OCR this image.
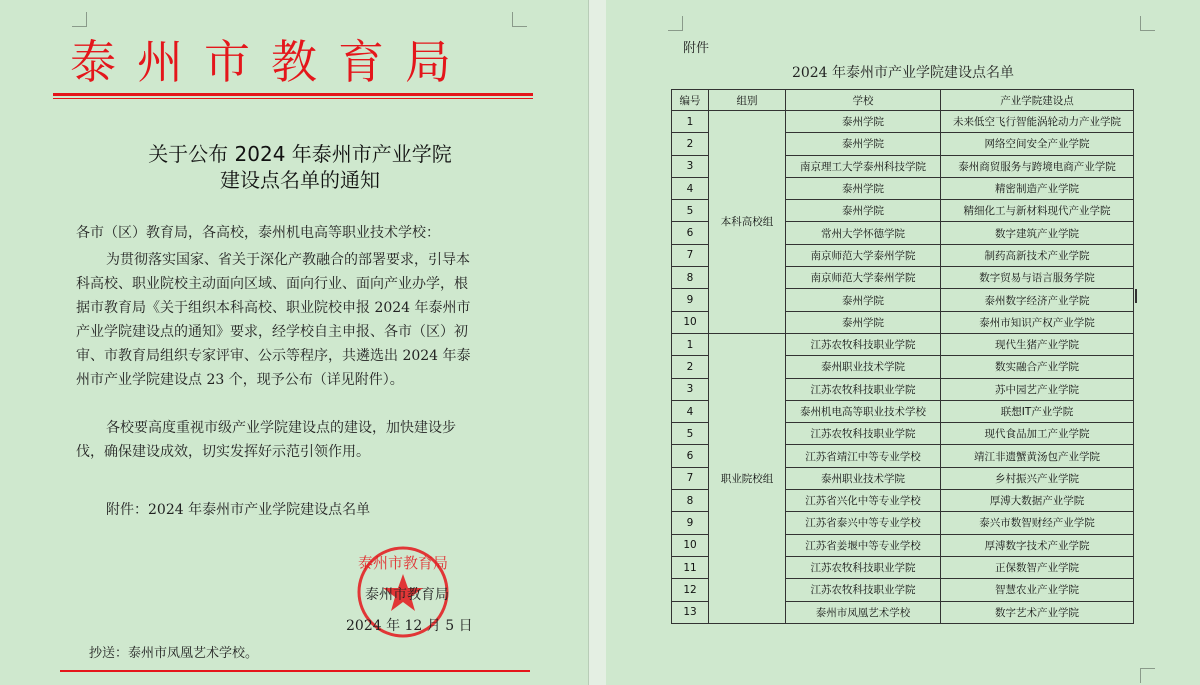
泰州市教育局
关于公布 2024 年泰州市产业学院
建设点名单的通知
各市（区）教育局，各高校，泰州机电高等职业技术学校：
为贯彻落实国家、省关于深化产教融合的部署要求，引导本
科高校、职业院校主动面向区域、面向行业、面向产业办学，根
据市教育局《关于组织本科高校、职业院校申报 2024 年泰州市
产业学院建设点的通知》要求，经学校自主申报、各市（区）初
审、市教育局组织专家评审、公示等程序，共遴选出 2024 年泰
州市产业学院建设点 23 个，现予公布（详见附件）。
各校要高度重视市级产业学院建设点的建设，加快建设步
伐，确保建设成效，切实发挥好示范引领作用。
附件：2024 年泰州市产业学院建设点名单
泰州市教育局
泰州市教育局
2024 年 12 月 5 日
抄送：泰州市凤凰艺术学校。
附件
2024 年泰州市产业学院建设点名单
编号	组别	学校	产业学院建设点
1	本科高校组	泰州学院	未来低空飞行智能涡轮动力产业学院
2		泰州学院	网络空间安全产业学院
3		南京理工大学泰州科技学院	泰州商贸服务与跨境电商产业学院
4		泰州学院	精密制造产业学院
5		泰州学院	精细化工与新材料现代产业学院
6		常州大学怀德学院	数字建筑产业学院
7		南京师范大学泰州学院	制药高新技术产业学院
8		南京师范大学泰州学院	数字贸易与语言服务学院
9		泰州学院	泰州数字经济产业学院
10		泰州学院	泰州市知识产权产业学院
1	职业院校组	江苏农牧科技职业学院	现代生猪产业学院
2		泰州职业技术学院	数实融合产业学院
3		江苏农牧科技职业学院	苏中园艺产业学院
4		泰州机电高等职业技术学校	联想IT产业学院
5		江苏农牧科技职业学院	现代食品加工产业学院
6		江苏省靖江中等专业学校	靖江非遗蟹黄汤包产业学院
7		泰州职业技术学院	乡村振兴产业学院
8		江苏省兴化中等专业学校	厚溥大数据产业学院
9		江苏省泰兴中等专业学校	泰兴市数智财经产业学院
10		江苏省姜堰中等专业学校	厚溥数字技术产业学院
11		江苏农牧科技职业学院	正保数智产业学院
12		江苏农牧科技职业学院	智慧农业产业学院
13		泰州市凤凰艺术学校	数字艺术产业学院
